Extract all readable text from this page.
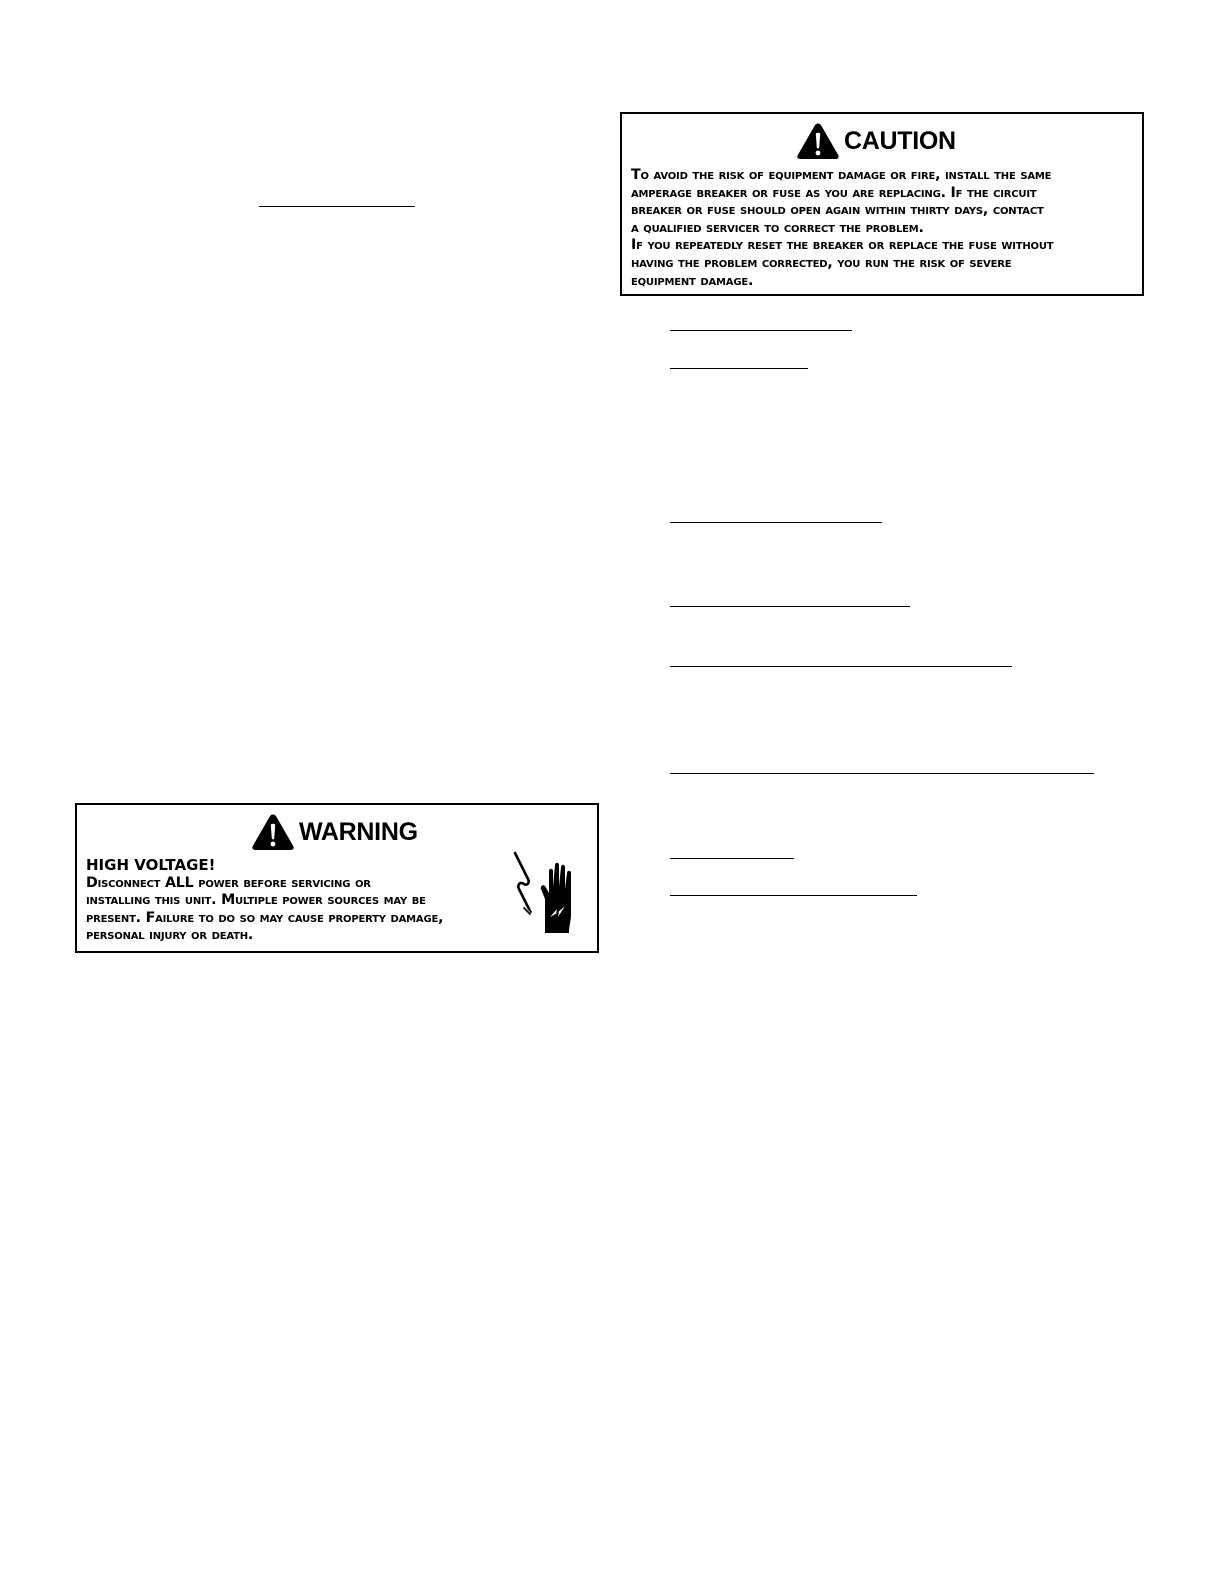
CAUTION
To avoid the risk of equipment damage or fire, install the same
amperage breaker or fuse as you are replacing. If the circuit
breaker or fuse should open again within thirty days, contact
a qualified servicer to correct the problem.
If you repeatedly reset the breaker or replace the fuse without
having the problem corrected, you run the risk of severe
equipment damage.
WARNING
HIGH VOLTAGE!
Disconnect ALL power before servicing or
installing this unit. Multiple power sources may be
present. Failure to do so may cause property damage,
personal injury or death.
